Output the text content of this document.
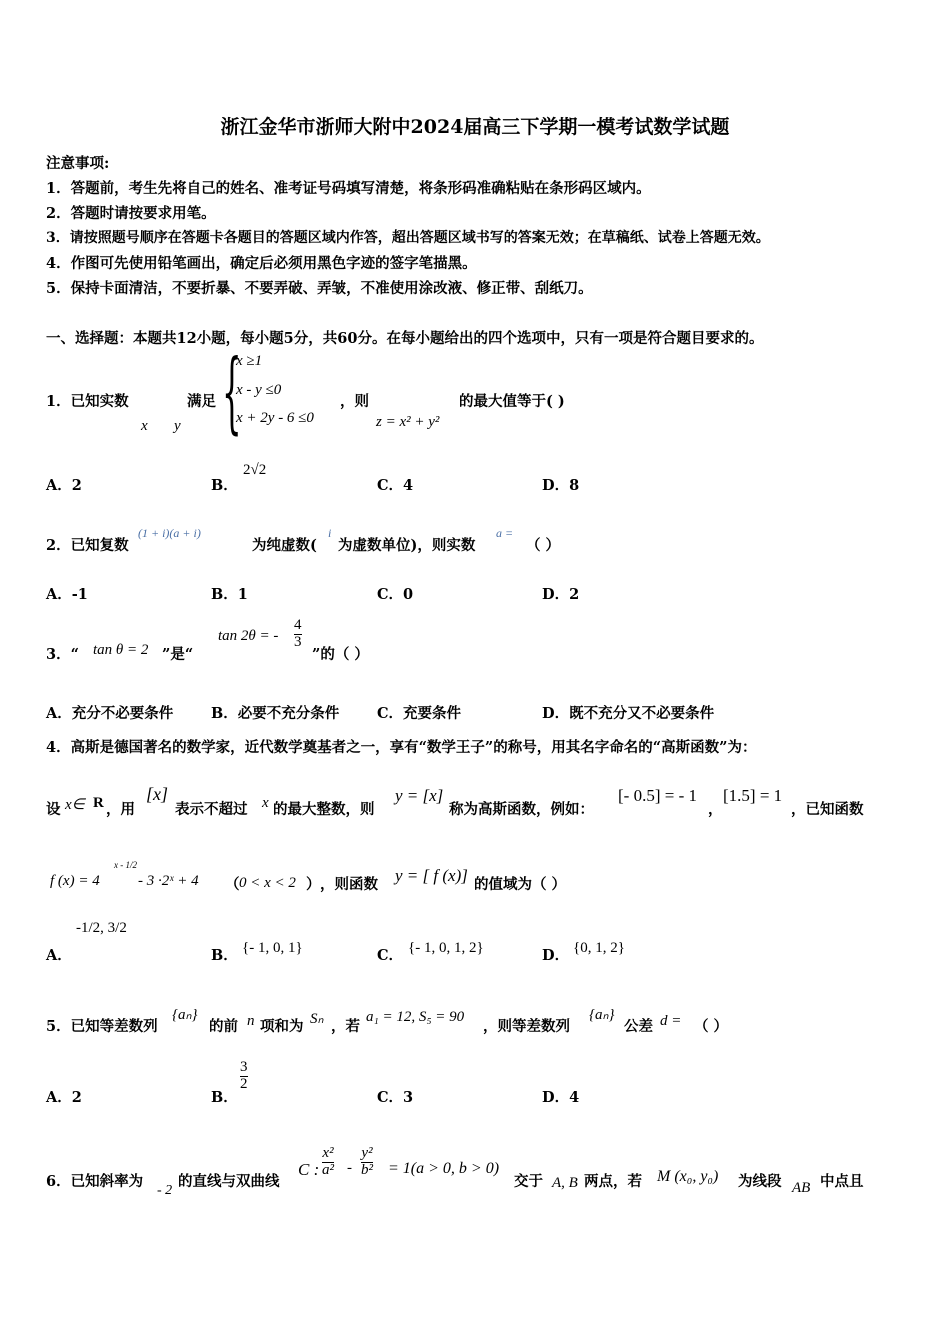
浙江金华市浙师大附中2024届高三下学期一模考试数学试题
注意事项:
1．答题前，考生先将自己的姓名、准考证号码填写清楚，将条形码准确粘贴在条形码区域内。
2．答题时请按要求用笔。
3．请按照题号顺序在答题卡各题目的答题区域内作答，超出答题区域书写的答案无效；在草稿纸、试卷上答题无效。
4．作图可先使用铅笔画出，确定后必须用黑色字迹的签字笔描黑。
5．保持卡面清洁，不要折暴、不要弄破、弄皱，不准使用涂改液、修正带、刮纸刀。
一、选择题：本题共12小题，每小题5分，共60分。在每小题给出的四个选项中，只有一项是符合题目要求的。
1．已知实数
x y
满足 {
x ≥1
x - y ≤0
x + 2y - 6 ≤0
，则
z = x² + y²
的最大值等于( )
A．2	B．
2√2
C．4	D．8
2．已知复数
(1 + i)(a + i)
为纯虚数(
i
为虚数单位)，则实数
a =
（ ）
A．-1	B．1	C．0	D．2
3．“ tan θ = 2 ”是“
tan 2θ = - $\frac{4}{3}$
”的（ ）
A．充分不必要条件	B．必要不充分条件	C．充要条件	D．既不充分又不必要条件
4．高斯是德国著名的数学家，近代数学奠基者之一，享有“数学王子”的称号，用其名字命名的“高斯函数”为：
设 x∈ R ，用
[x]
表示不超过 x 的最大整数，则
y = [x]
称为高斯函数，例如：
[- 0.5] = - 1
，
[1.5] = 1
，已知函数
f (x) = 4
x - 1/2
- 3 ·2ˣ + 4 （ 0 < x < 2 ） ，则函数 y = [ f (x)] 的值域为（ ）
A．
-1/2, 3/2
B． {- 1, 0, 1}	C． {- 1, 0, 1, 2}	D． {0, 1, 2}
5．已知等差数列
{aₙ}
的前 n 项和为 Sₙ ，若
a₁ = 12, S₅ = 90
，则等差数列
{aₙ}
公差 d = （ ）
A．2	B．
$\frac{3}{2}$
C．3	D．4
6．已知斜率为
- 2
的直线与双曲线
C : $\frac{\text{x²}}{\text{a²}} - \frac{\text{y²}}{\text{b²}} = 1(a > 0$, b > 0)
交于 A, B 两点，若 M (x₀, y₀) 为线段 AB 中点且
